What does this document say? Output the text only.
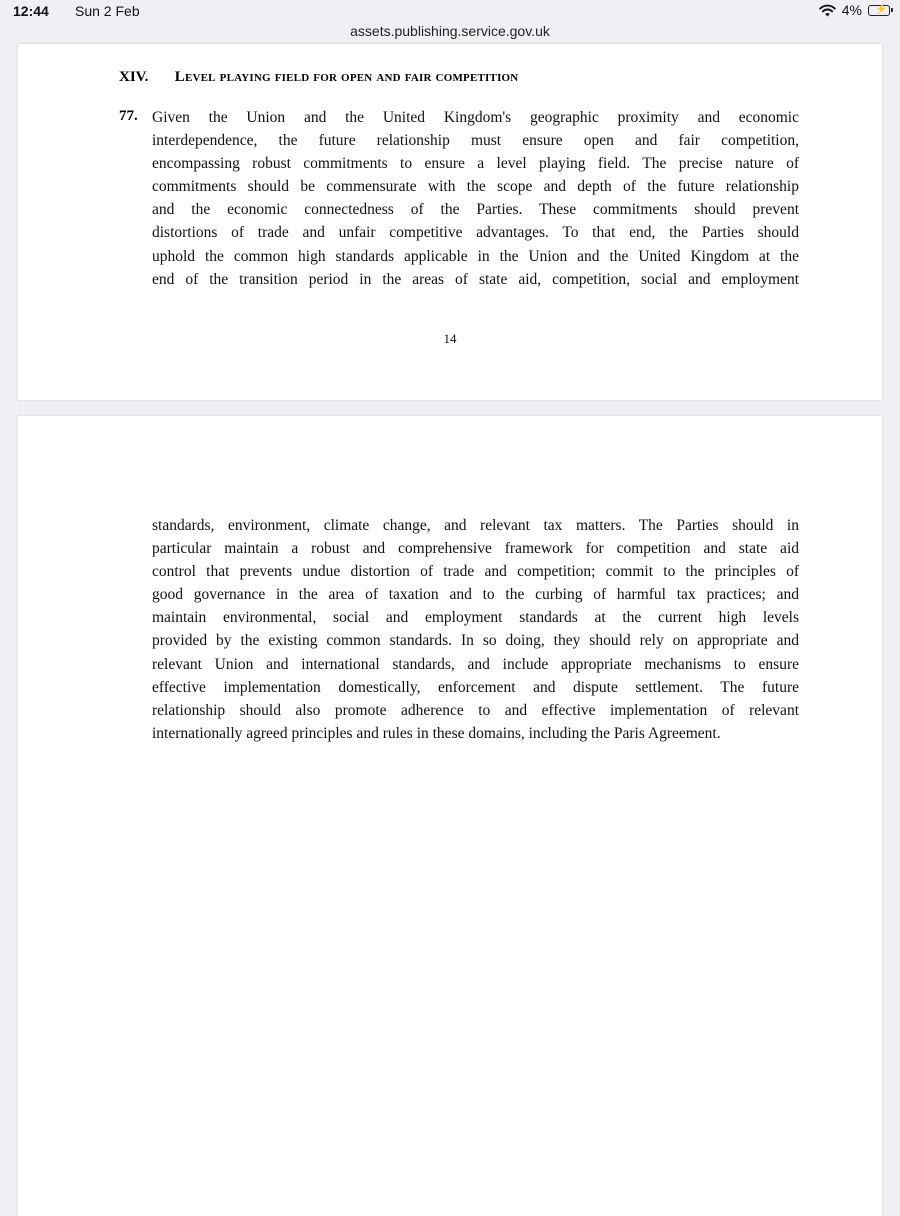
12:44 Sun 2 Feb	4% ⚡
assets.publishing.service.gov.uk
XIV. Level playing field for open and fair competition
77. Given the Union and the United Kingdom's geographic proximity and economic
interdependence, the future relationship must ensure open and fair competition,
encompassing robust commitments to ensure a level playing field. The precise nature of
commitments should be commensurate with the scope and depth of the future relationship
and the economic connectedness of the Parties. These commitments should prevent
distortions of trade and unfair competitive advantages. To that end, the Parties should
uphold the common high standards applicable in the Union and the United Kingdom at the
end of the transition period in the areas of state aid, competition, social and employment
14
standards, environment, climate change, and relevant tax matters. The Parties should in
particular maintain a robust and comprehensive framework for competition and state aid
control that prevents undue distortion of trade and competition; commit to the principles of
good governance in the area of taxation and to the curbing of harmful tax practices; and
maintain environmental, social and employment standards at the current high levels
provided by the existing common standards. In so doing, they should rely on appropriate and
relevant Union and international standards, and include appropriate mechanisms to ensure
effective implementation domestically, enforcement and dispute settlement. The future
relationship should also promote adherence to and effective implementation of relevant
internationally agreed principles and rules in these domains, including the Paris Agreement.
